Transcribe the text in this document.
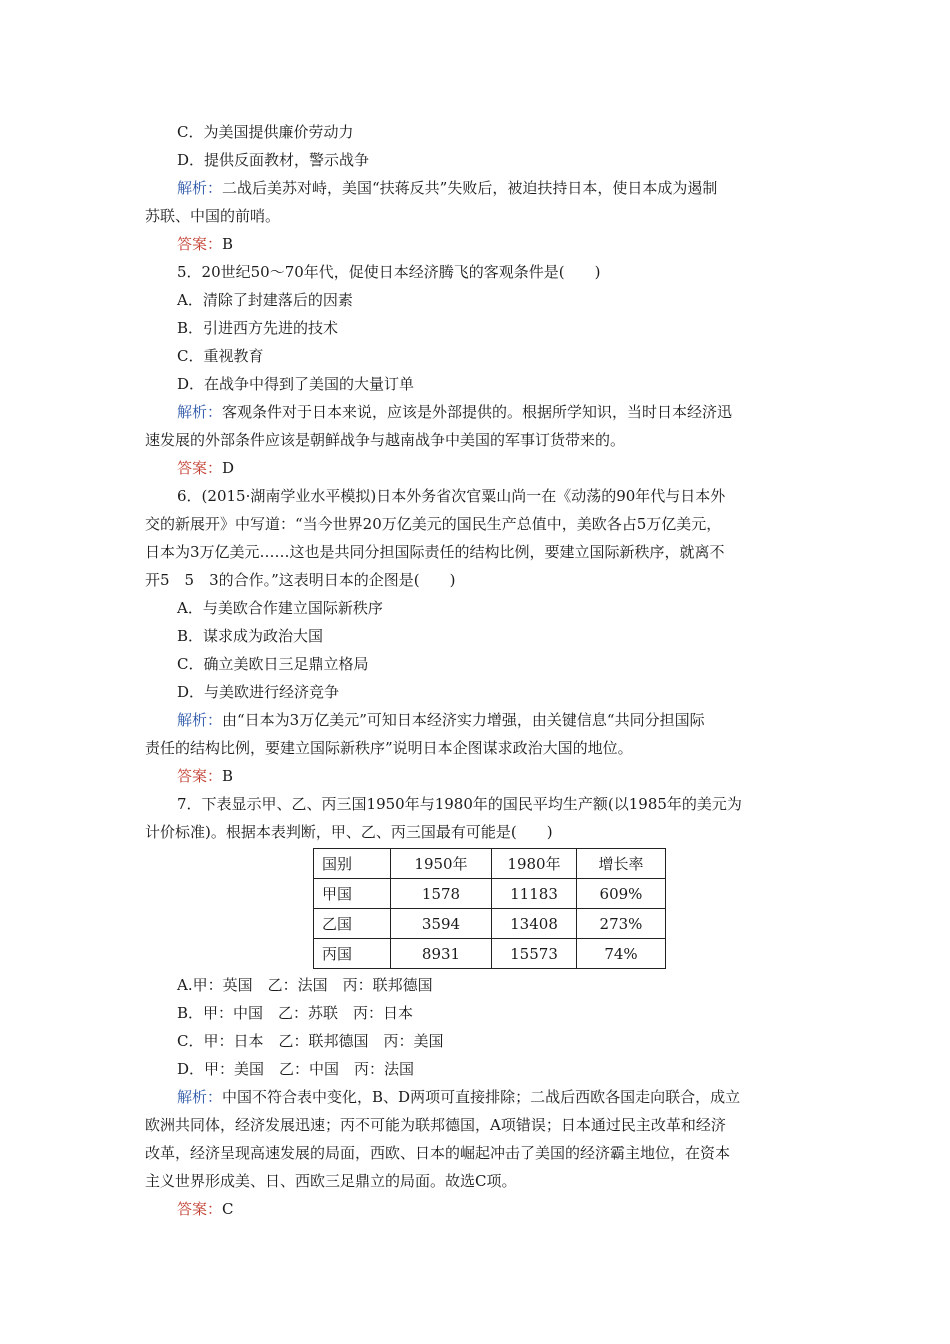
C．为美国提供廉价劳动力
D．提供反面教材，警示战争
解析：二战后美苏对峙，美国“扶蒋反共”失败后，被迫扶持日本，使日本成为遏制
苏联、中国的前哨。
答案：B
5．20世纪50～70年代，促使日本经济腾飞的客观条件是(　　)
A．清除了封建落后的因素
B．引进西方先进的技术
C．重视教育
D．在战争中得到了美国的大量订单
解析：客观条件对于日本来说，应该是外部提供的。根据所学知识，当时日本经济迅
速发展的外部条件应该是朝鲜战争与越南战争中美国的军事订货带来的。
答案：D
6．(2015·湖南学业水平模拟)日本外务省次官粟山尚一在《动荡的90年代与日本外
交的新展开》中写道：“当今世界20万亿美元的国民生产总值中，美欧各占5万亿美元，
日本为3万亿美元……这也是共同分担国际责任的结构比例，要建立国际新秩序，就离不
开5　5　3的合作。”这表明日本的企图是(　　)
A．与美欧合作建立国际新秩序
B．谋求成为政治大国
C．确立美欧日三足鼎立格局
D．与美欧进行经济竞争
解析：由“日本为3万亿美元”可知日本经济实力增强，由关键信息“共同分担国际
责任的结构比例，要建立国际新秩序”说明日本企图谋求政治大国的地位。
答案：B
7．下表显示甲、乙、丙三国1950年与1980年的国民平均生产额(以1985年的美元为
计价标准)。根据本表判断，甲、乙、丙三国最有可能是(　　)
国别	1950年	1980年	增长率
甲国	1578	11183	609%
乙国	3594	13408	273%
丙国	8931	15573	74%
A.甲：英国　乙：法国　丙：联邦德国
B．甲：中国　乙：苏联　丙：日本
C．甲：日本　乙：联邦德国　丙：美国
D．甲：美国　乙：中国　丙：法国
解析：中国不符合表中变化，B、D两项可直接排除；二战后西欧各国走向联合，成立
欧洲共同体，经济发展迅速；丙不可能为联邦德国，A项错误；日本通过民主改革和经济
改革，经济呈现高速发展的局面，西欧、日本的崛起冲击了美国的经济霸主地位，在资本
主义世界形成美、日、西欧三足鼎立的局面。故选C项。
答案：C
